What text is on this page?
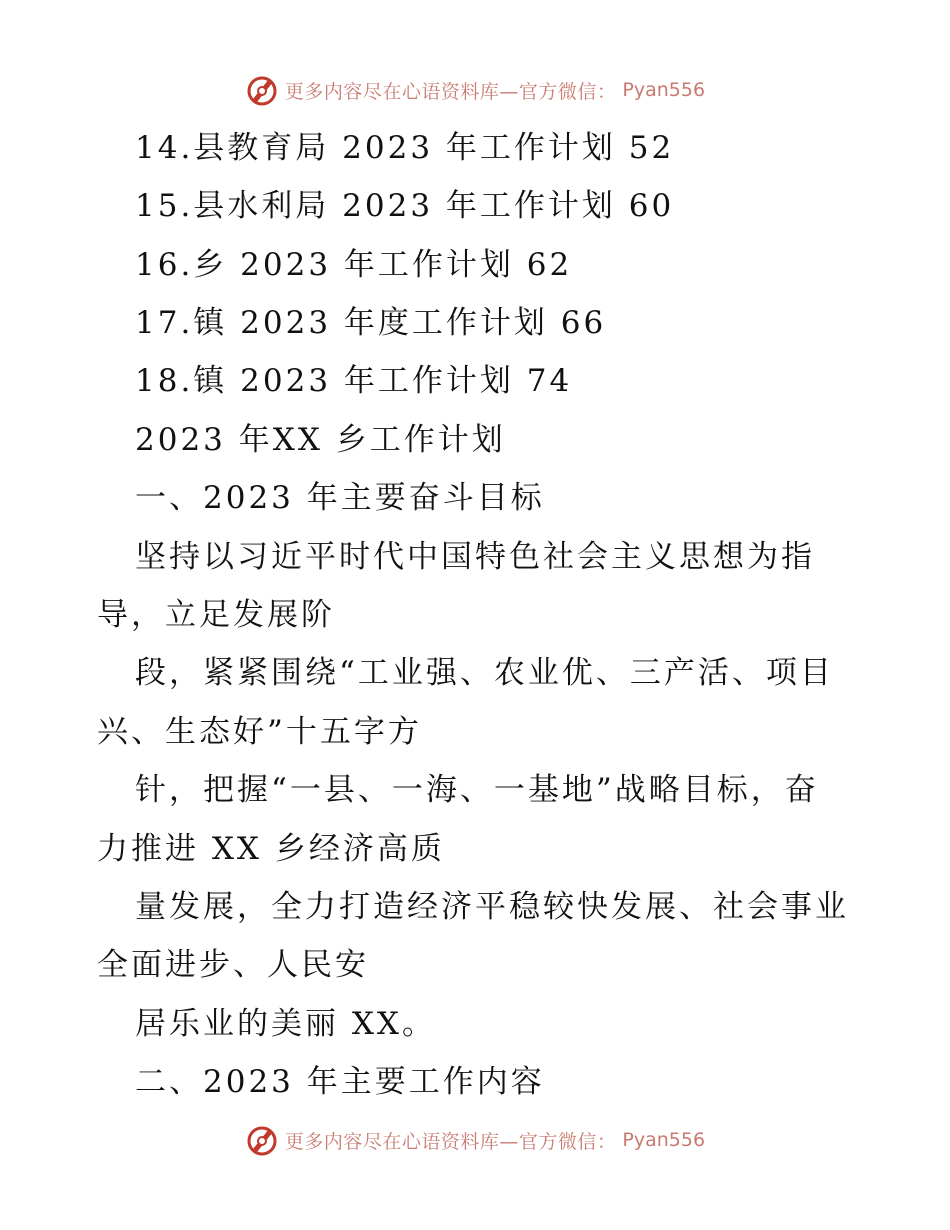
更多内容尽在心语资料库—官方微信： Pyan556
14.县教育局 2023 年工作计划 52
15.县水利局 2023 年工作计划 60
16.乡 2023 年工作计划 62
17.镇 2023 年度工作计划 66
18.镇 2023 年工作计划 74
2023 年XX 乡工作计划
一、2023 年主要奋斗目标
坚持以习近平时代中国特色社会主义思想为指
导，立足发展阶
段，紧紧围绕“工业强、农业优、三产活、项目
兴、生态好”十五字方
针，把握“一县、一海、一基地”战略目标，奋
力推进 XX 乡经济高质
量发展，全力打造经济平稳较快发展、社会事业
全面进步、人民安
居乐业的美丽 XX。
二、2023 年主要工作内容
更多内容尽在心语资料库—官方微信： Pyan556
